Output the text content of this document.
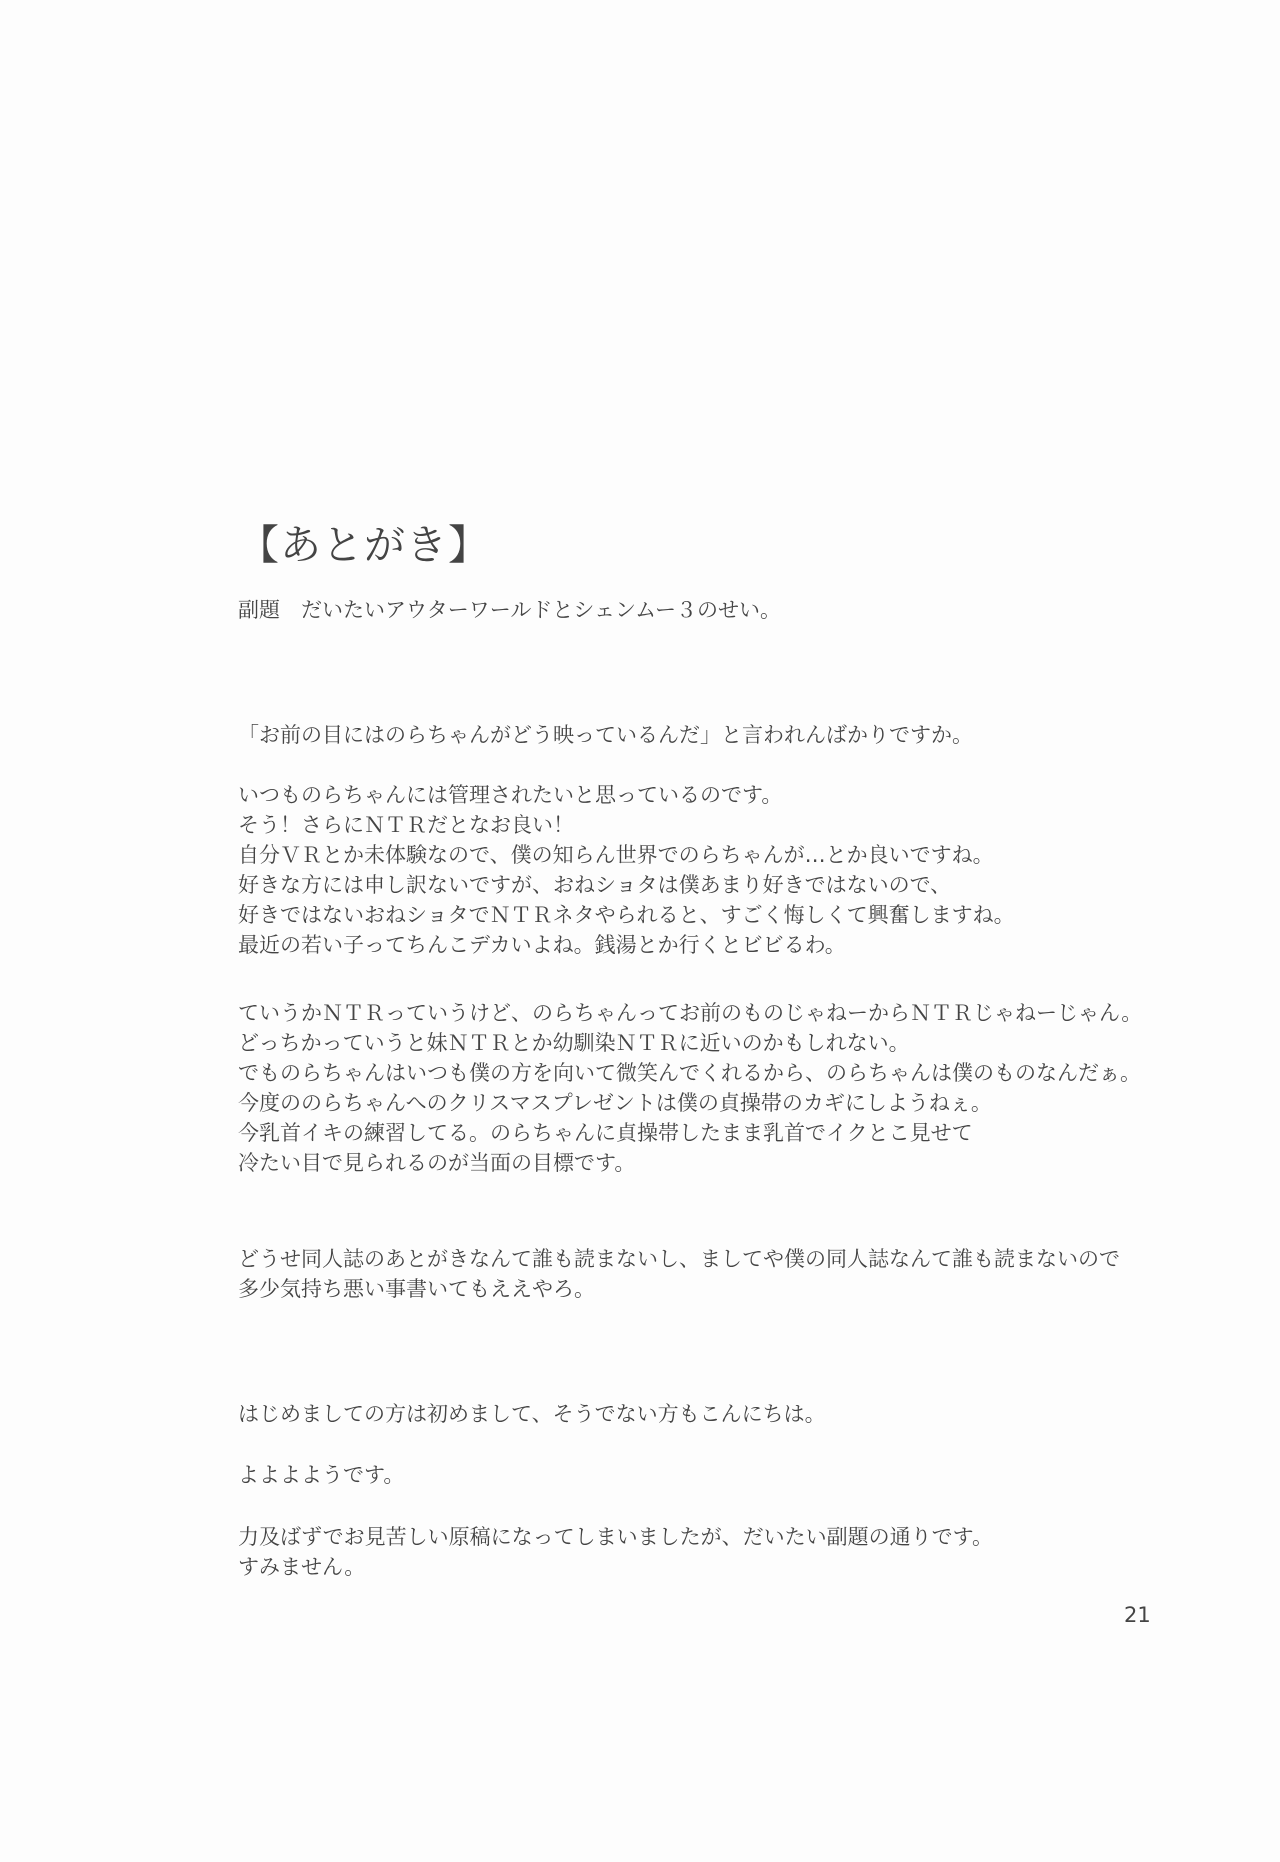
【あとがき】
副題　だいたいアウターワールドとシェンムー３のせい。
「お前の目にはのらちゃんがどう映っているんだ」と言われんばかりですか。
いつものらちゃんには管理されたいと思っているのです。
そう！さらにＮＴＲだとなお良い！
自分ＶＲとか未体験なので、僕の知らん世界でのらちゃんが…とか良いですね。
好きな方には申し訳ないですが、おねショタは僕あまり好きではないので、
好きではないおねショタでＮＴＲネタやられると、すごく悔しくて興奮しますね。
最近の若い子ってちんこデカいよね。銭湯とか行くとビビるわ。
ていうかＮＴＲっていうけど、のらちゃんってお前のものじゃねーからＮＴＲじゃねーじゃん。
どっちかっていうと妹ＮＴＲとか幼馴染ＮＴＲに近いのかもしれない。
でものらちゃんはいつも僕の方を向いて微笑んでくれるから、のらちゃんは僕のものなんだぁ。
今度ののらちゃんへのクリスマスプレゼントは僕の貞操帯のカギにしようねぇ。
今乳首イキの練習してる。のらちゃんに貞操帯したまま乳首でイクとこ見せて
冷たい目で見られるのが当面の目標です。
どうせ同人誌のあとがきなんて誰も読まないし、ましてや僕の同人誌なんて誰も読まないので
多少気持ち悪い事書いてもええやろ。
はじめましての方は初めまして、そうでない方もこんにちは。
よよよようです。
力及ばずでお見苦しい原稿になってしまいましたが、だいたい副題の通りです。
すみません。
21
